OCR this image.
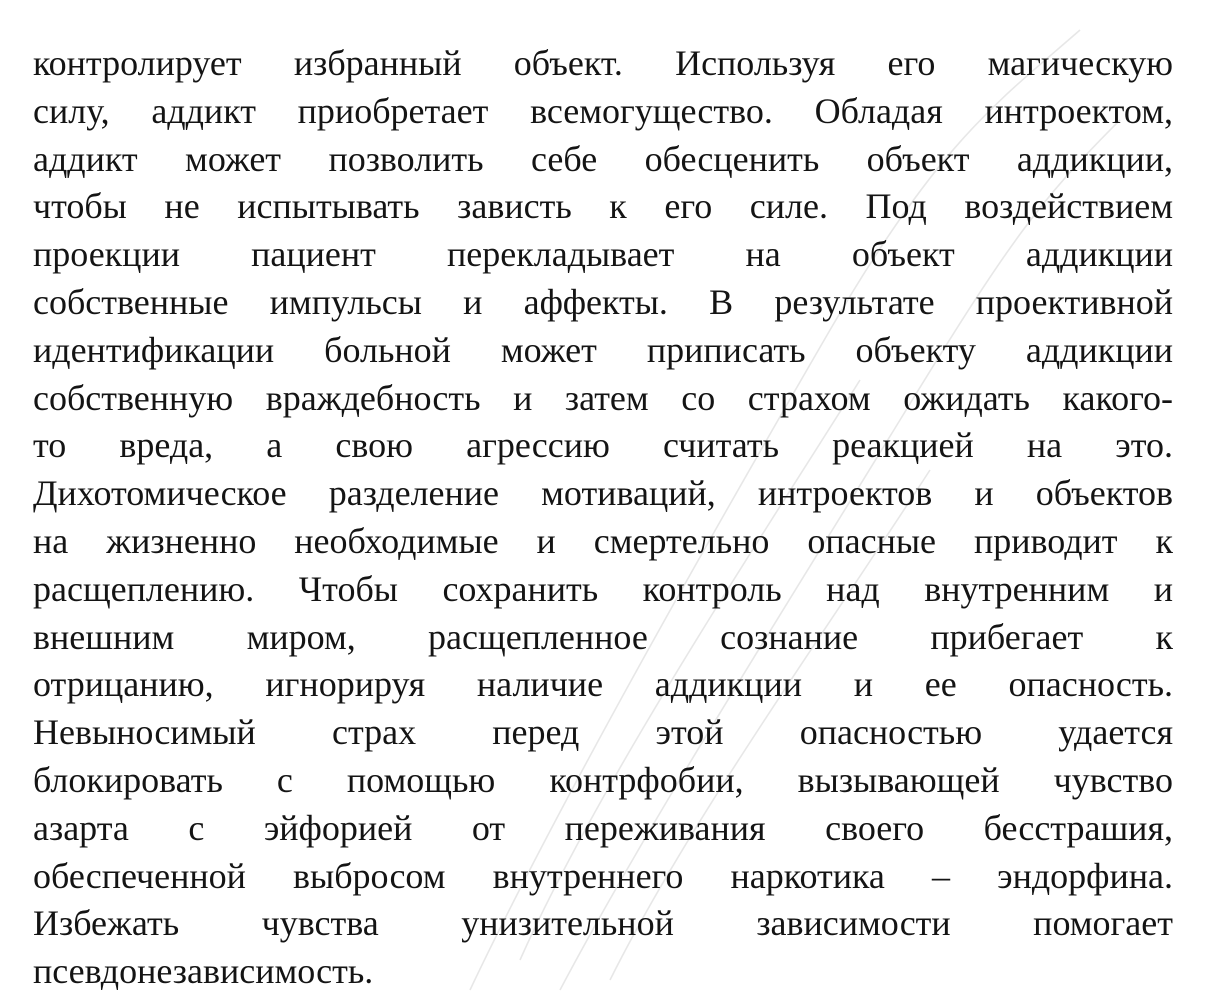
контролирует избранный объект. Используя его магическую
силу, аддикт приобретает всемогущество. Обладая интроектом,
аддикт может позволить себе обесценить объект аддикции,
чтобы не испытывать зависть к его силе. Под воздействием
проекции пациент перекладывает на объект аддикции
собственные импульсы и аффекты. В результате проективной
идентификации больной может приписать объекту аддикции
собственную враждебность и затем со страхом ожидать какого-
то вреда, а свою агрессию считать реакцией на это.
Дихотомическое разделение мотиваций, интроектов и объектов
на жизненно необходимые и смертельно опасные приводит к
расщеплению. Чтобы сохранить контроль над внутренним и
внешним миром, расщепленное сознание прибегает к
отрицанию, игнорируя наличие аддикции и ее опасность.
Невыносимый страх перед этой опасностью удается
блокировать с помощью контрфобии, вызывающей чувство
азарта с эйфорией от переживания своего бесстрашия,
обеспеченной выбросом внутреннего наркотика – эндорфина.
Избежать чувства унизительной зависимости помогает
псевдонезависимость.
